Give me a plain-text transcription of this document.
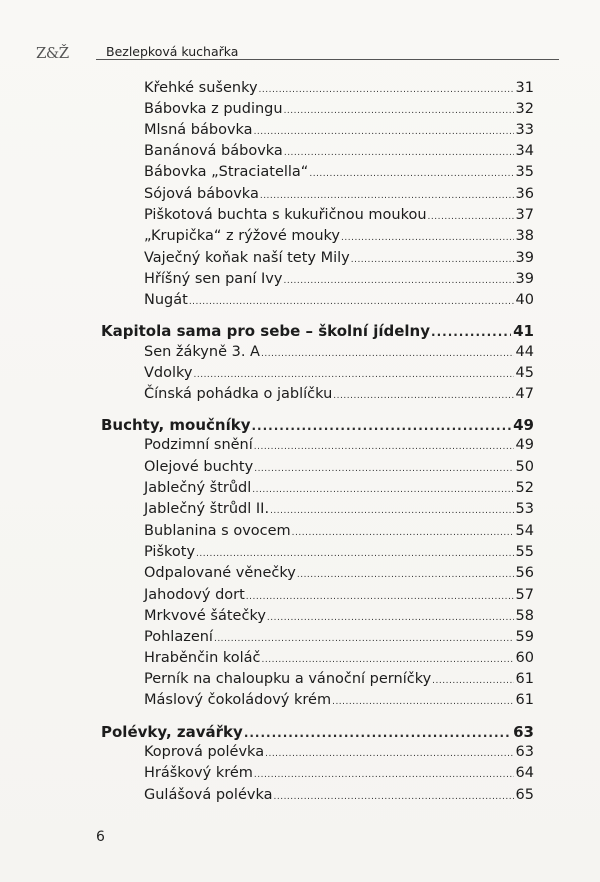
Z&Ž	Bezlepková kuchařka
Křehké sušenky .....	31
Bábovka z pudingu .....	32
Mlsná bábovka .....	33
Banánová bábovka .....	34
Bábovka „Straciatella“ .....	35
Sójová bábovka .....	36
Piškotová buchta s kukuřičnou moukou .....	37
„Krupička“ z rýžové mouky .....	38
Vaječný koňak naší tety Mily .....	39
Hříšný sen paní Ivy .....	39
Nugát .....	40
Kapitola sama pro sebe – školní jídelny .....	41
Sen žákyně 3. A .....	44
Vdolky .....	45
Čínská pohádka o jablíčku .....	47
Buchty, moučníky .....	49
Podzimní snění .....	49
Olejové buchty .....	50
Jablečný štrůdl .....	52
Jablečný štrůdl II. .....	53
Bublanina s ovocem .....	54
Piškoty .....	55
Odpalované věnečky .....	56
Jahodový dort .....	57
Mrkvové šátečky .....	58
Pohlazení .....	59
Hraběnčin koláč .....	60
Perník na chaloupku a vánoční perníčky .....	61
Máslový čokoládový krém .....	61
Polévky, zavářky .....	63
Koprová polévka .....	63
Hráškový krém .....	64
Gulášová polévka .....	65
6
